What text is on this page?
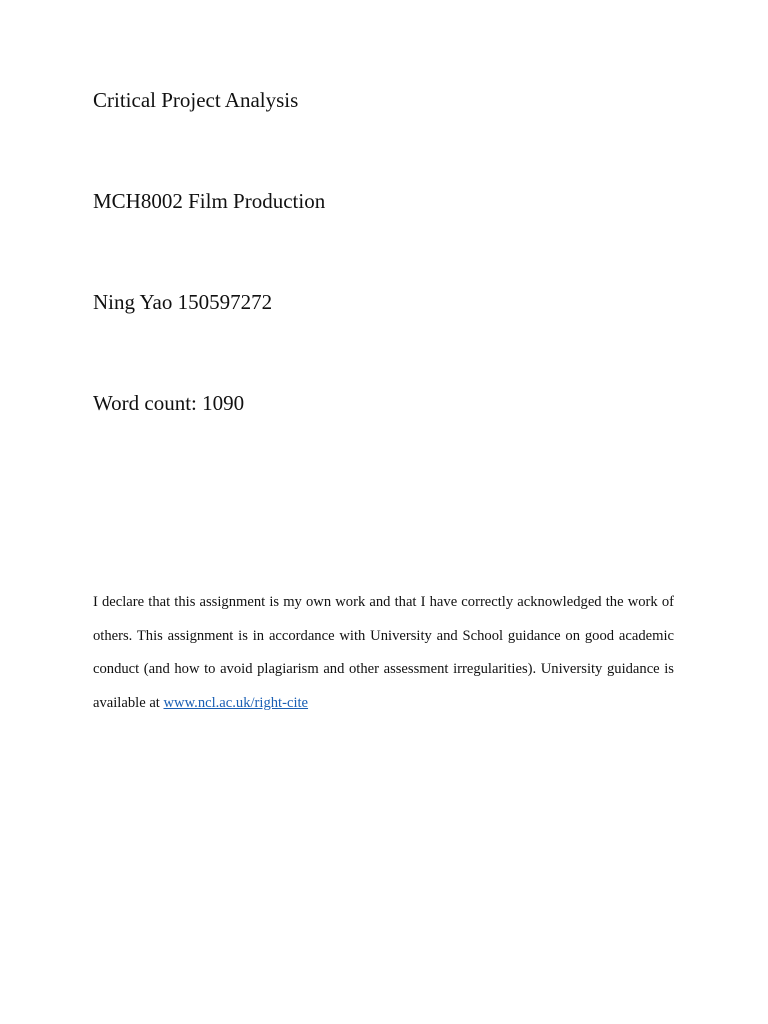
Critical Project Analysis
MCH8002 Film Production
Ning Yao 150597272
Word count: 1090

I declare that this assignment is my own work and that I have correctly acknowledged the work of others. This assignment is in accordance with University and School guidance on good academic conduct (and how to avoid plagiarism and other assessment irregularities). University guidance is available at www.ncl.ac.uk/right-cite
